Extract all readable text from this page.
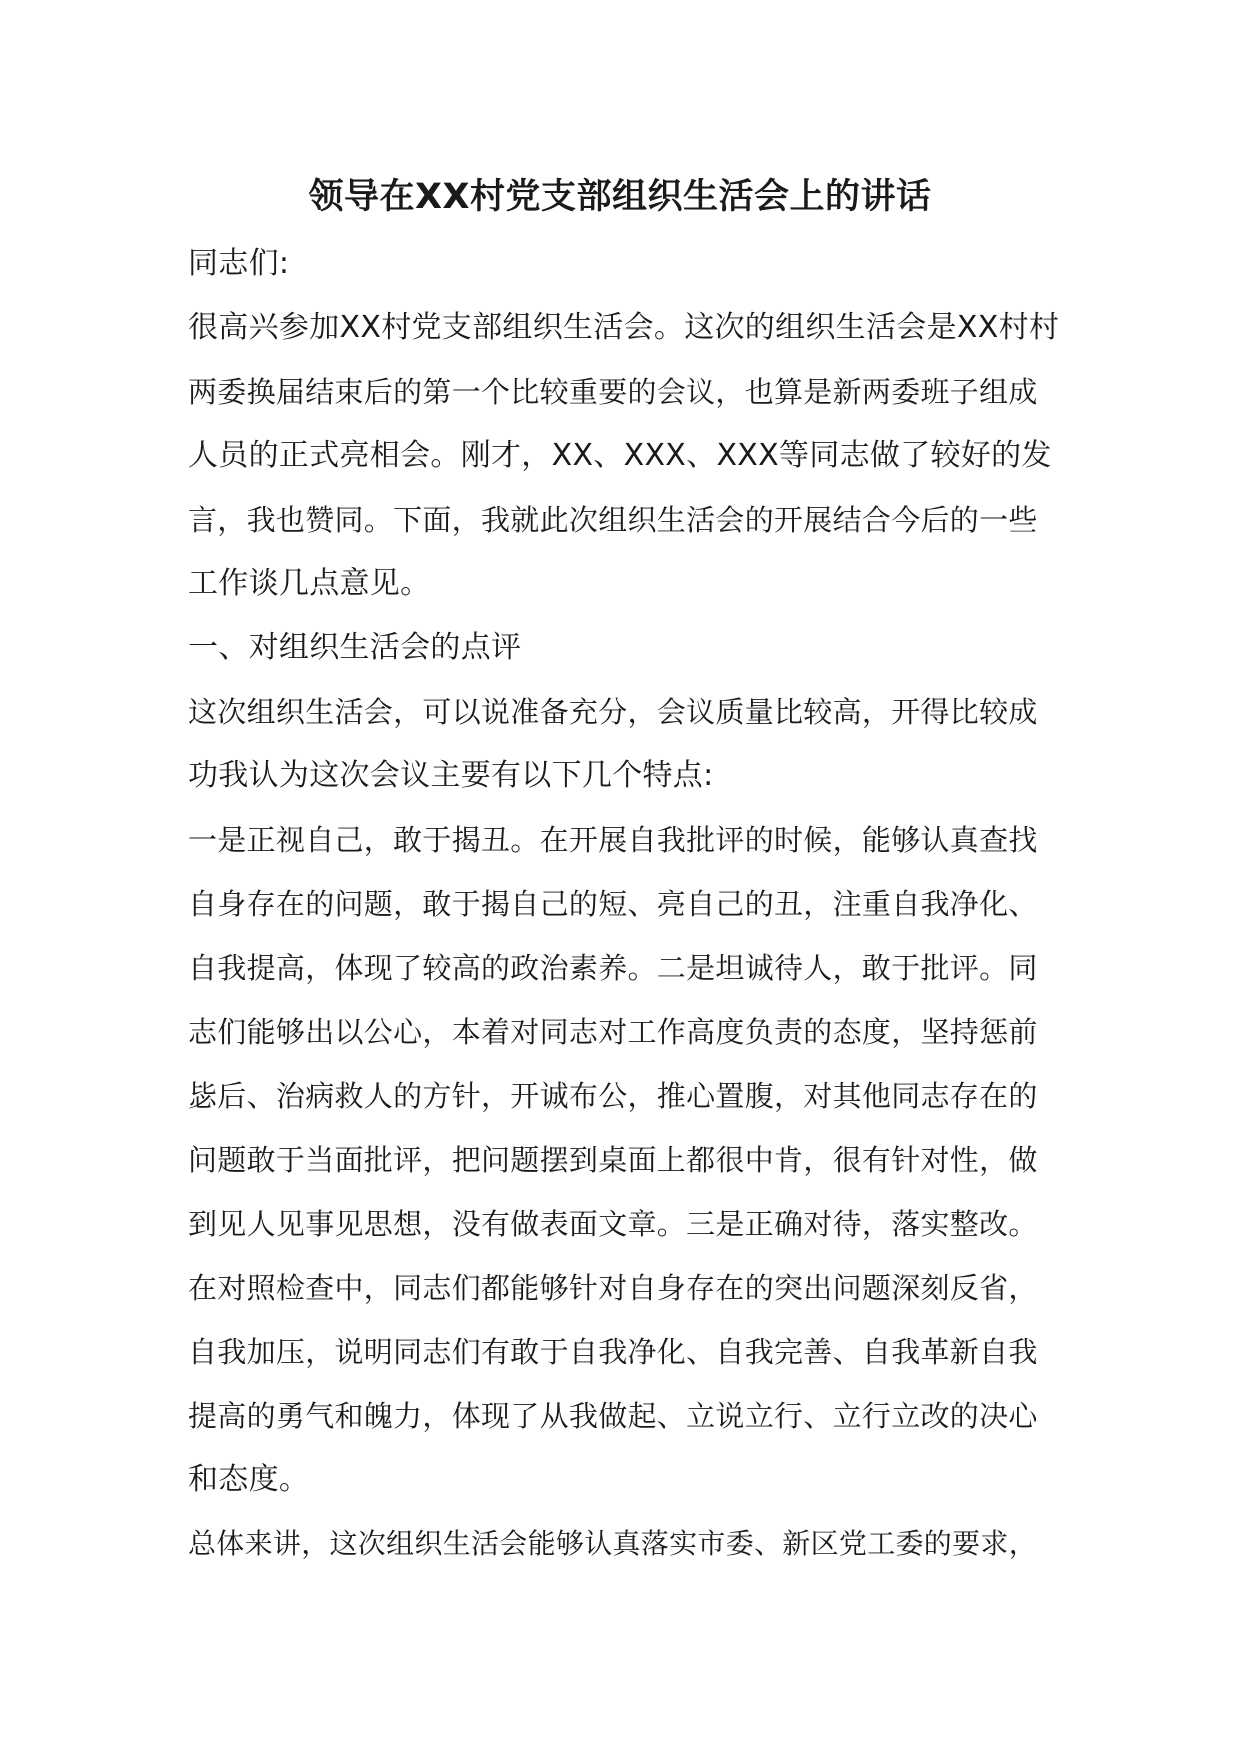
领导在XX村党支部组织生活会上的讲话
同志们:
很高兴参加XX村党支部组织生活会。这次的组织生活会是XX村村
两委换届结束后的第一个比较重要的会议，也算是新两委班子组成
人员的正式亮相会。刚才，XX、XXX、XXX等同志做了较好的发
言，我也赞同。下面，我就此次组织生活会的开展结合今后的一些
工作谈几点意见。
一、对组织生活会的点评
这次组织生活会，可以说准备充分，会议质量比较高，开得比较成
功我认为这次会议主要有以下几个特点:
一是正视自己，敢于揭丑。在开展自我批评的时候，能够认真查找
自身存在的问题，敢于揭自己的短、亮自己的丑，注重自我净化、
自我提高，体现了较高的政治素养。二是坦诚待人，敢于批评。同
志们能够出以公心，本着对同志对工作高度负责的态度，坚持惩前
毖后、治病救人的方针，开诚布公，推心置腹，对其他同志存在的
问题敢于当面批评，把问题摆到桌面上都很中肯，很有针对性，做
到见人见事见思想，没有做表面文章。三是正确对待，落实整改。
在对照检查中，同志们都能够针对自身存在的突出问题深刻反省，
自我加压，说明同志们有敢于自我净化、自我完善、自我革新自我
提高的勇气和魄力，体现了从我做起、立说立行、立行立改的决心
和态度。
总体来讲，这次组织生活会能够认真落实市委、新区党工委的要求，
